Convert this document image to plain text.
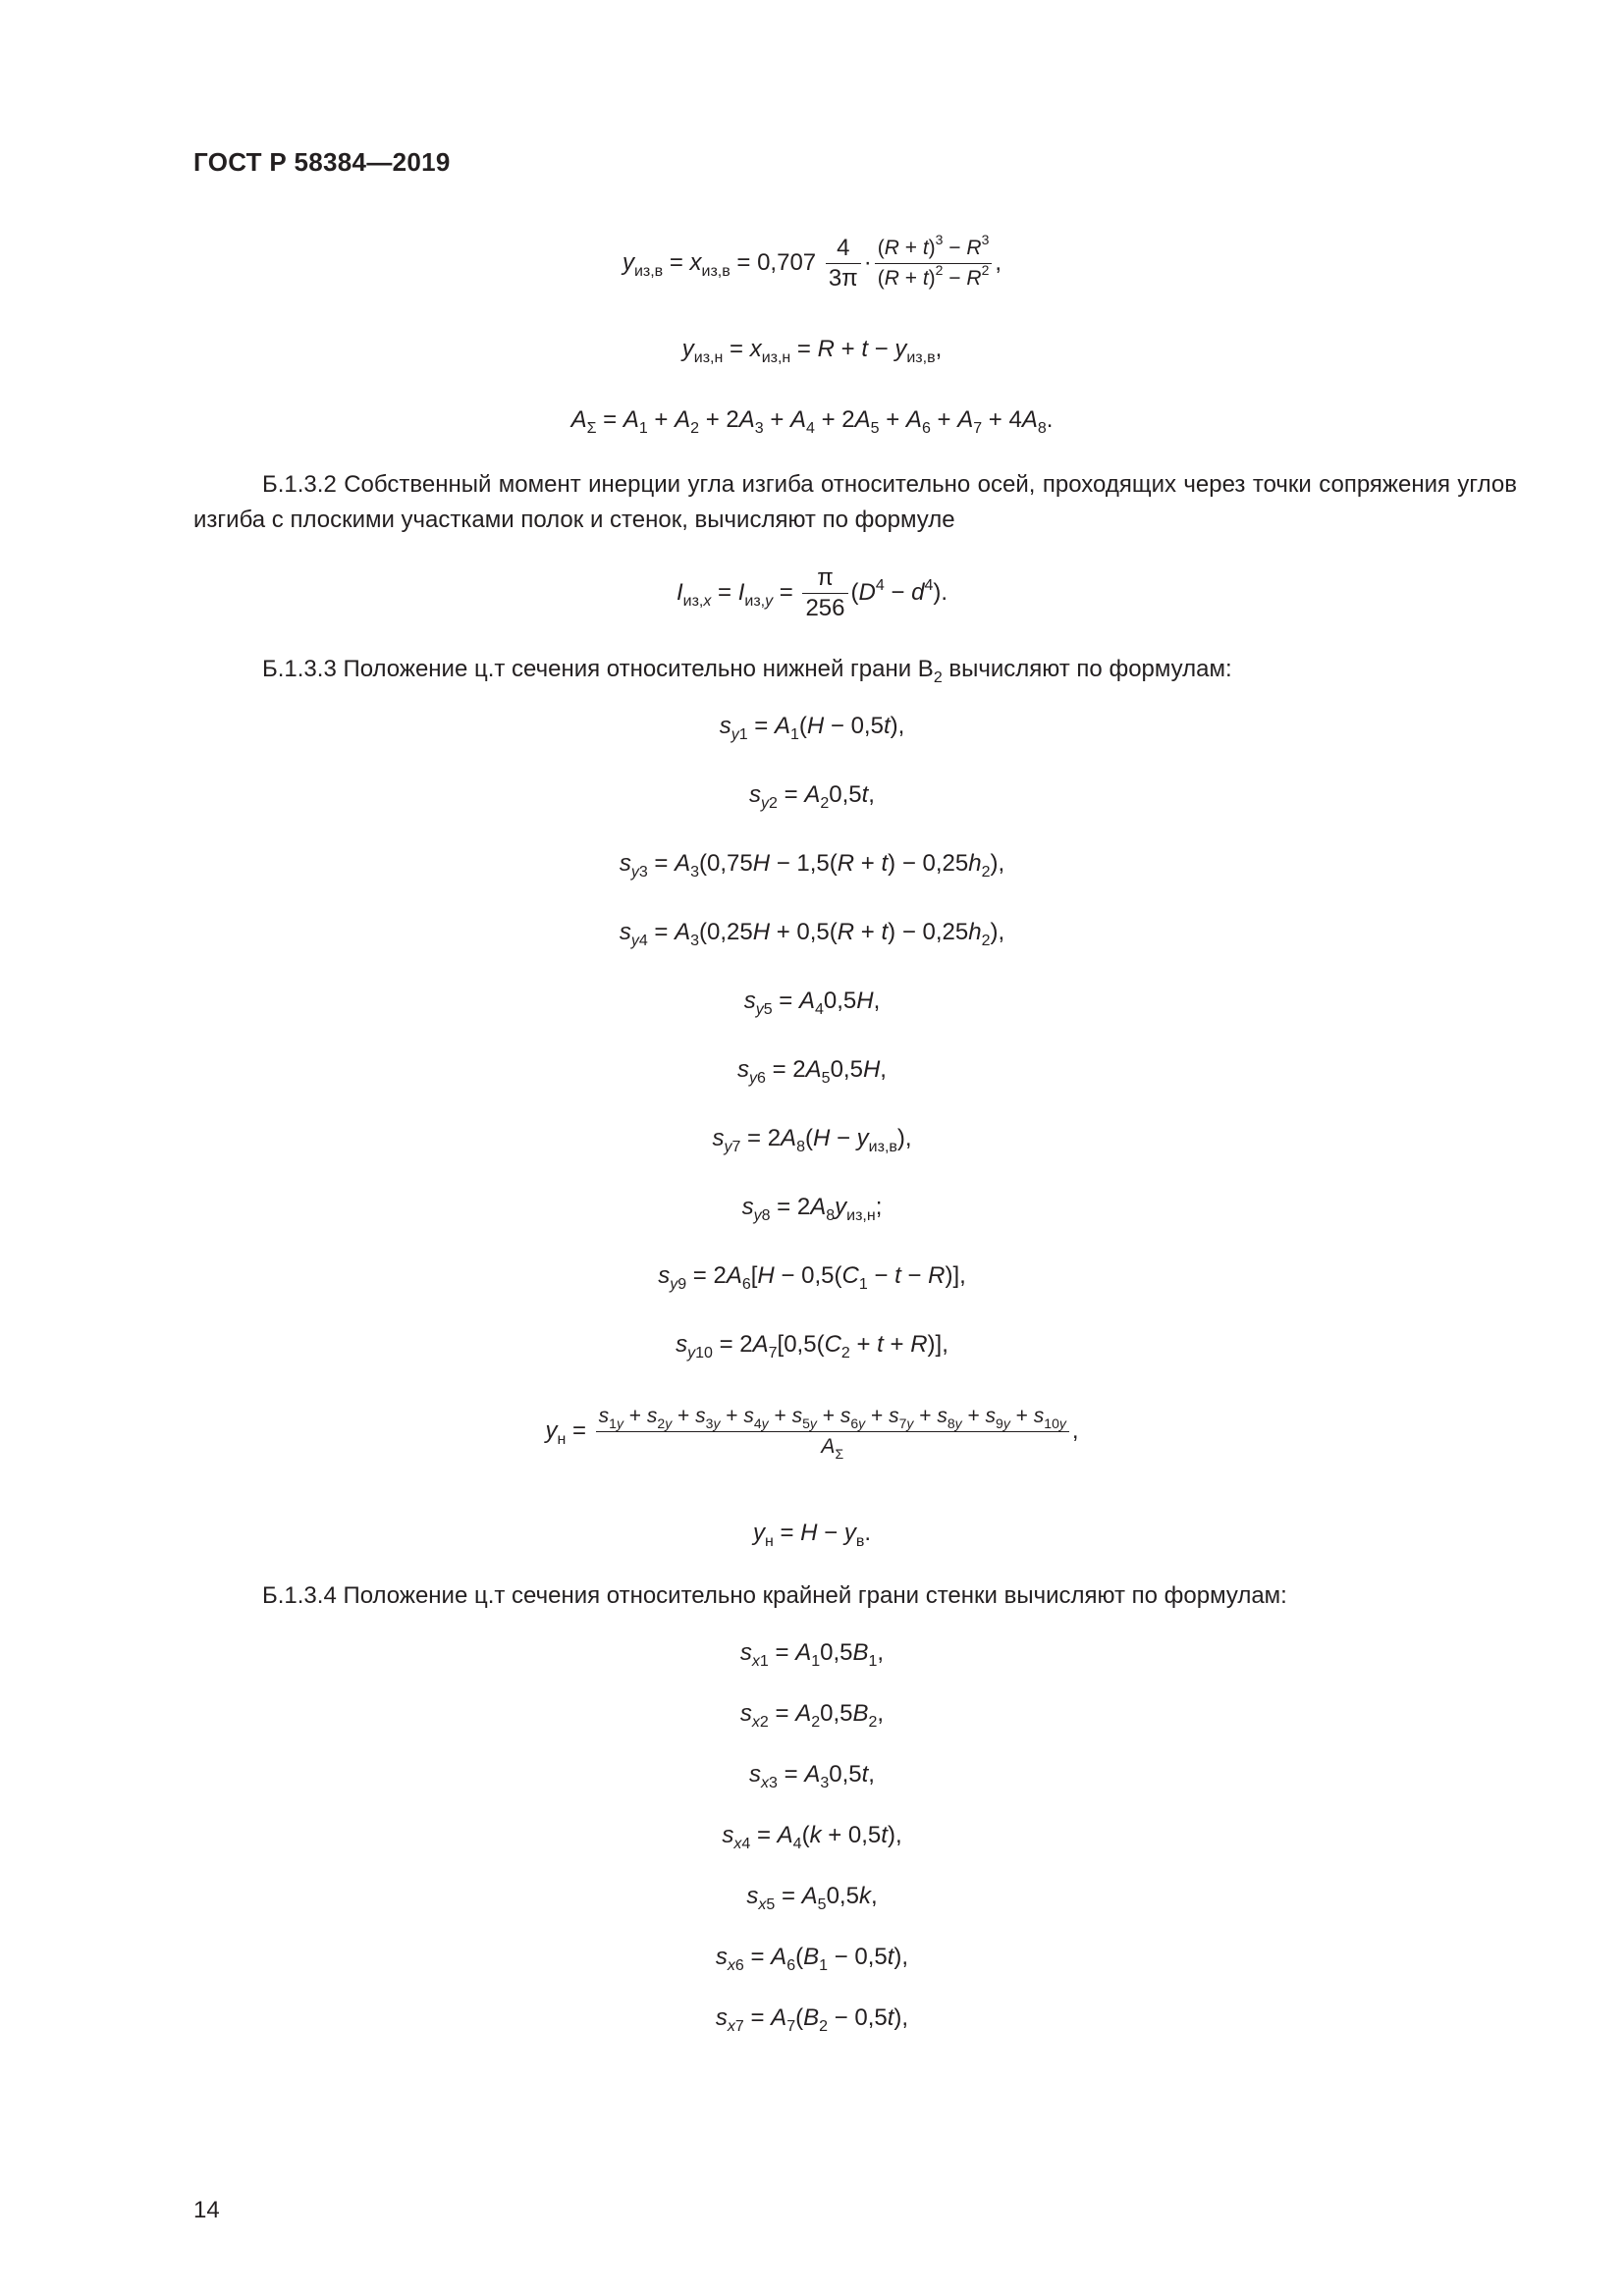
ГОСТ Р 58384—2019
$y_{из,в} = x_{из,в} = 0,707 \frac{4}{3\pi} \cdot \frac{(R + t)^3 - R^3}{(R + t)^2 - R^2}$ ,
$y_{из,н} = x_{из,н} = R + t - y_{из,в}$,
$A_\Sigma = A_1 + A_2 + 2A_3 + A_4 + 2A_5 + A_6 + A_7 + 4A_8$.
Б.1.3.2 Собственный момент инерции угла изгиба относительно осей, проходящих через точки сопряжения углов изгиба с плоскими участками полок и стенок, вычисляют по формуле
$I_{из,x} = I_{из,y} = \frac{\pi}{256} (D^4 - d^4)$.
Б.1.3.3 Положение ц.т сечения относительно нижней грани $B_2$ вычисляют по формулам:
$s_{y1} = A_1(H - 0,5t)$,
$s_{y2} = A_20,5t$,
$s_{y3} = A_3(0,75H - 1,5(R + t) - 0,25h_2)$,
$s_{y4} = A_3(0,25H + 0,5(R + t) - 0,25h_2)$,
$s_{y5} = A_40,5H$,
$s_{y6} = 2A_50,5H$,
$s_{y7} = 2A_8(H - y_{из,в})$,
$s_{y8} = 2A_8y_{из,н}$;
$s_{y9} = 2A_6[H - 0,5(C_1 - t - R)]$,
$s_{y10} = 2A_7[0,5(C_2 + t + R)]$,
$y_н = \frac{s_{1y} + s_{2y} + s_{3y} + s_{4y} + s_{5y} + s_{6y} + s_{7y} + s_{8y} + s_{9y} + s_{10y}}{A_\Sigma}$ ,
$y_н = H - y_в$.
Б.1.3.4 Положение ц.т сечения относительно крайней грани стенки вычисляют по формулам:
$s_{x1} = A_10,5B_1$,
$s_{x2} = A_20,5B_2$,
$s_{x3} = A_30,5t$,
$s_{x4} = A_4(k + 0,5t)$,
$s_{x5} = A_50,5k$,
$s_{x6} = A_6(B_1 - 0,5t)$,
$s_{x7} = A_7(B_2 - 0,5t)$,
14
